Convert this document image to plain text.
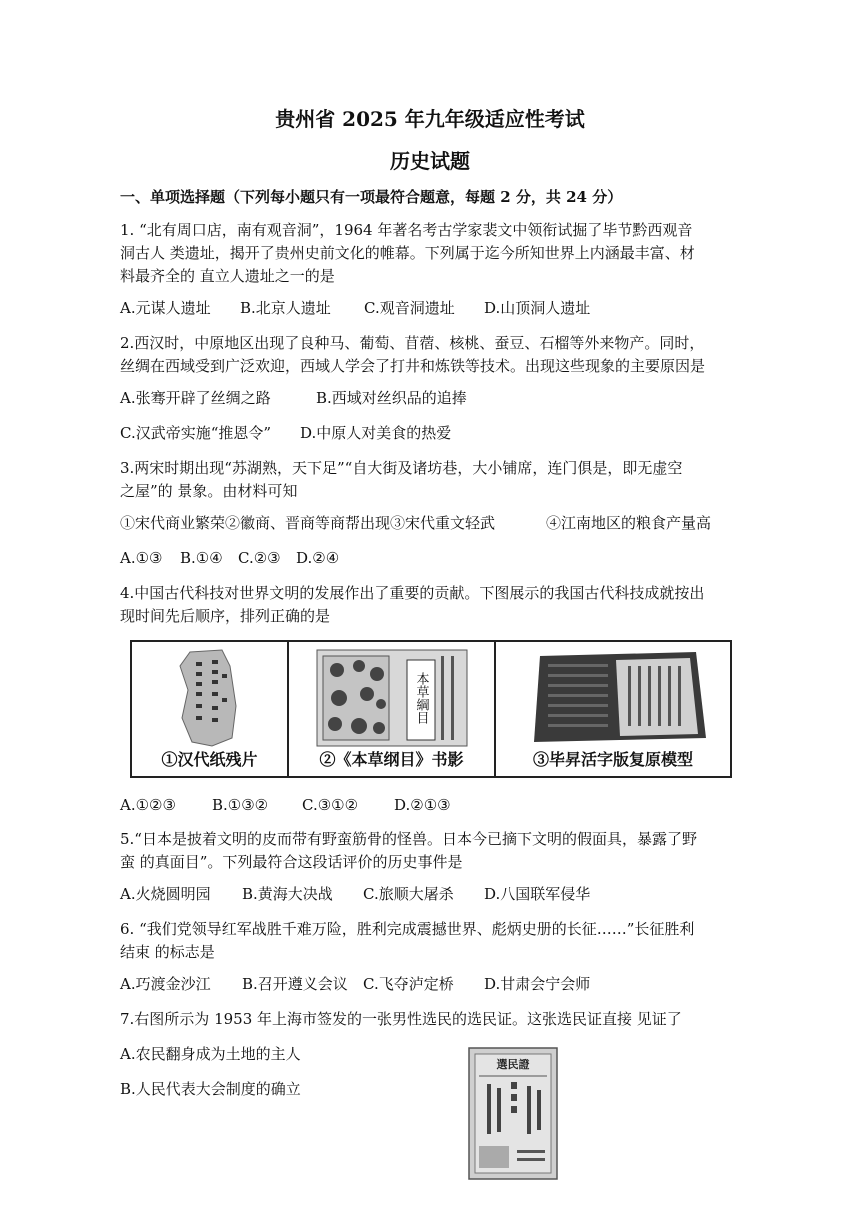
贵州省 2025 年九年级适应性考试
历史试题
一、单项选择题（下列每小题只有一项最符合题意，每题 2 分，共 24 分）
1. “北有周口店，南有观音洞”，1964 年著名考古学家裴文中领衔试掘了毕节黔西观音
洞古人 类遗址，揭开了贵州史前文化的帷幕。下列属于迄今所知世界上内涵最丰富、材
料最齐全的 直立人遗址之一的是
A.元谋人遗址 B.北京人遗址 C.观音洞遗址 D.山顶洞人遗址
2.西汉时，中原地区出现了良种马、葡萄、苜蓿、核桃、蚕豆、石榴等外来物产。同时，
丝绸在西域受到广泛欢迎，西域人学会了打井和炼铁等技术。出现这些现象的主要原因是
A.张骞开辟了丝绸之路	B.西域对丝织品的追捧
C.汉武帝实施“推恩令” D.中原人对美食的热爱
3.两宋时期出现“苏湖熟，天下足”“自大街及诸坊巷，大小铺席，连门俱是，即无虚空
之屋”的 景象。由材料可知
①宋代商业繁荣②徽商、晋商等商帮出现③宋代重文轻武	④江南地区的粮食产量高
A.①③ B.①④ C.②③ D.②④
4.中国古代科技对世界文明的发展作出了重要的贡献。下图展示的我国古代科技成就按出
现时间先后顺序，排列正确的是
①汉代纸残片
本草綱目
②《本草纲目》书影	③毕昇活字版复原模型
A.①②③ B.①③② C.③①② D.②①③
5.“日本是披着文明的皮而带有野蛮筋骨的怪兽。日本今已摘下文明的假面具，暴露了野
蛮 的真面目”。下列最符合这段话评价的历史事件是
A.火烧圆明园 B.黄海大决战 C.旅顺大屠杀 D.八国联军侵华
6. “我们党领导红军战胜千难万险，胜利完成震撼世界、彪炳史册的长征……”长征胜利
结束 的标志是
A.巧渡金沙江 B.召开遵义会议 C.飞夺泸定桥 D.甘肃会宁会师
7.右图所示为 1953 年上海市签发的一张男性选民的选民证。这张选民证直接 见证了
A.农民翻身成为土地的主人
B.人民代表大会制度的确立
選民證
